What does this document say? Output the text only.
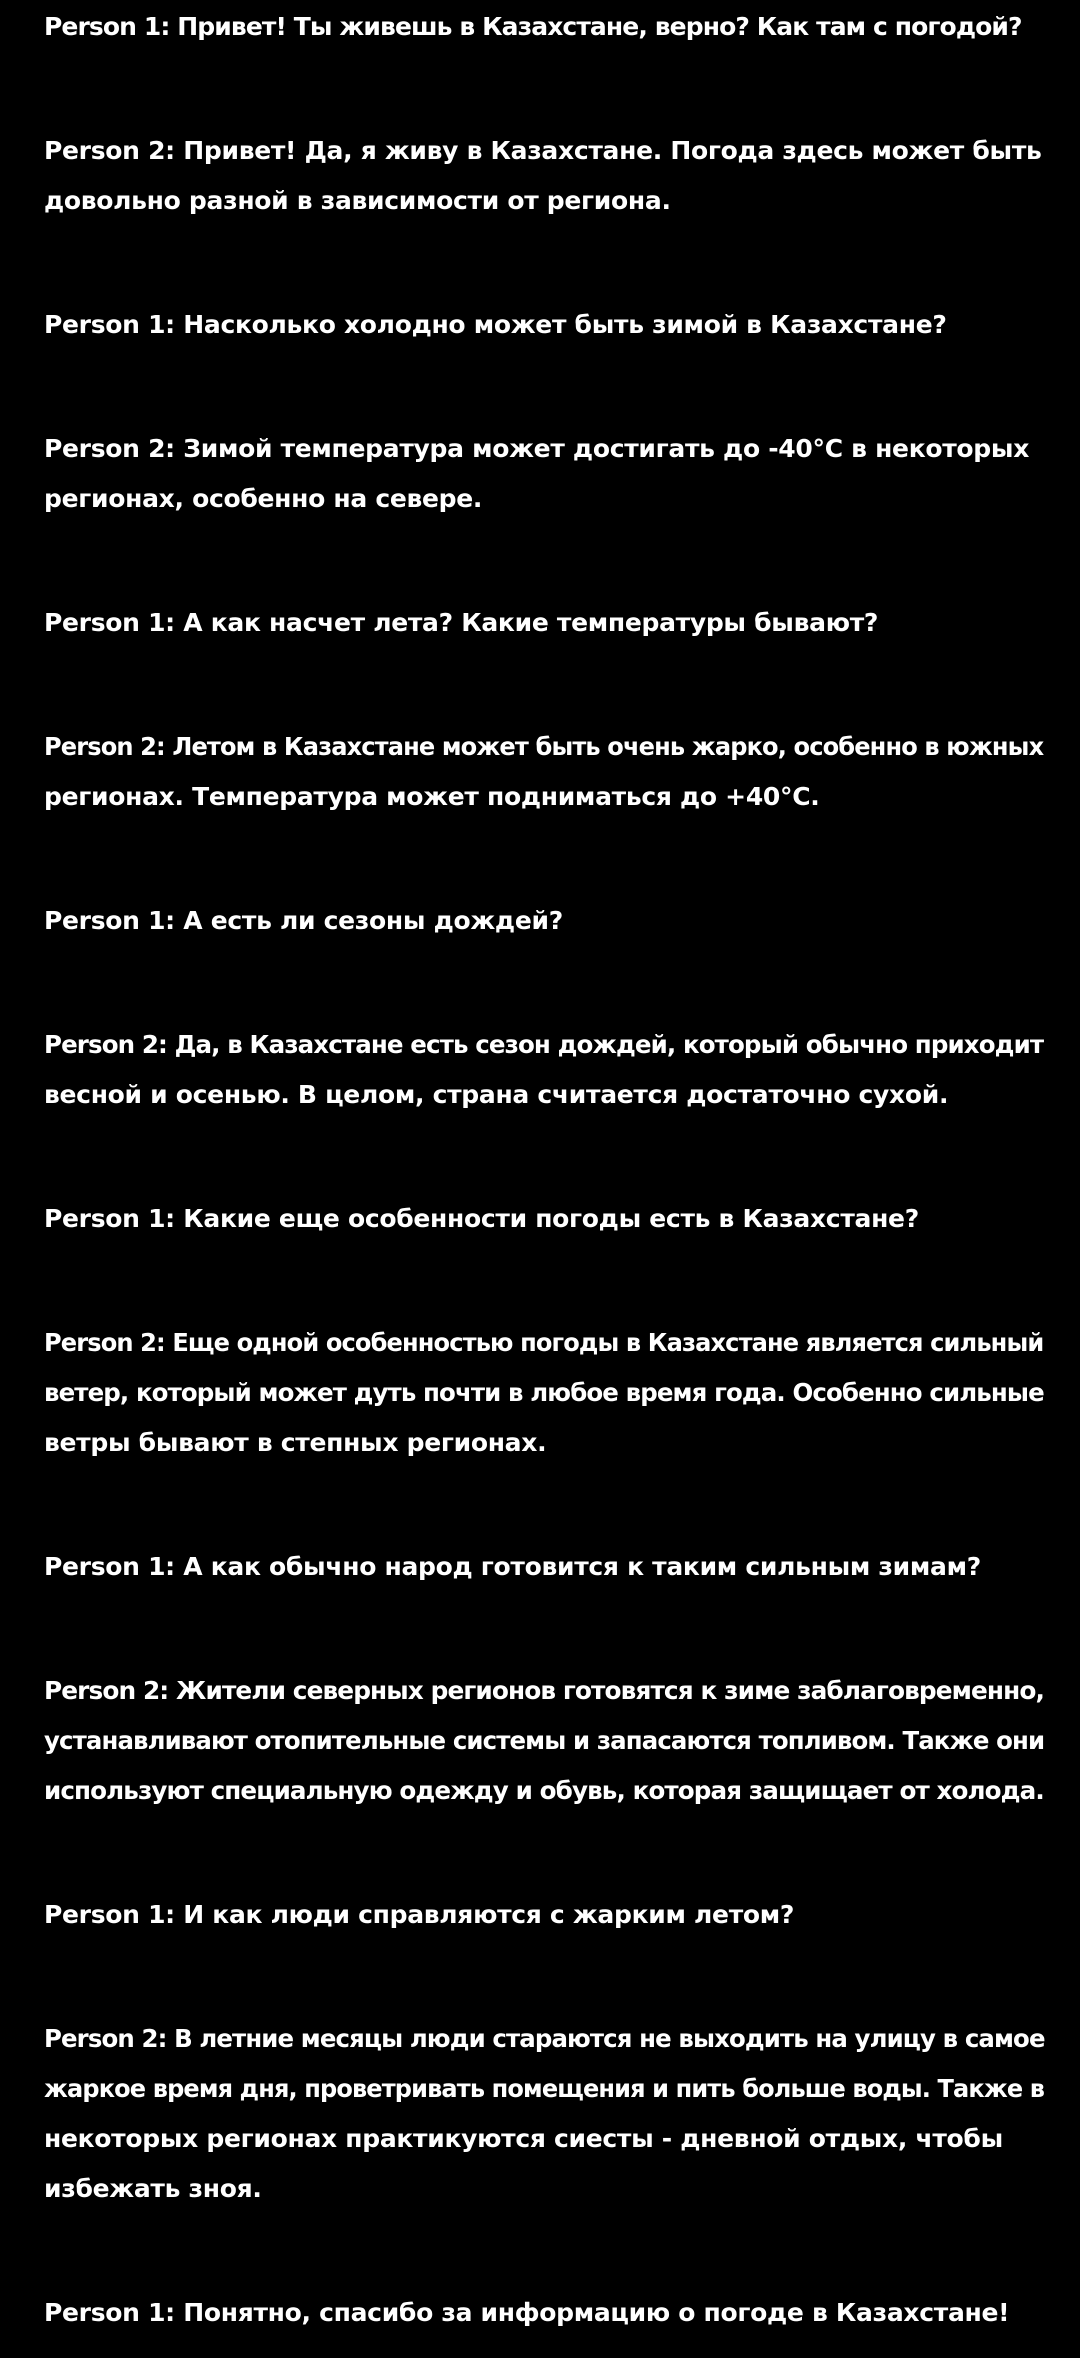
Person 1: Привет! Ты живешь в Казахстане, верно? Как там с погодой?

Person 2: Привет! Да, я живу в Казахстане. Погода здесь может быть

довольно разной в зависимости от региона.

Person 1: Насколько холодно может быть зимой в Казахстане?

Person 2: Зимой температура может достигать до -40°C в некоторых

регионах, особенно на севере.

Person 1: А как насчет лета? Какие температуры бывают?

Person 2: Летом в Казахстане может быть очень жарко, особенно в южных

регионах. Температура может подниматься до +40°C.

Person 1: А есть ли сезоны дождей?

Person 2: Да, в Казахстане есть сезон дождей, который обычно приходит

весной и осенью. В целом, страна считается достаточно сухой.

Person 1: Какие еще особенности погоды есть в Казахстане?

Person 2: Еще одной особенностью погоды в Казахстане является сильный

ветер, который может дуть почти в любое время года. Особенно сильные

ветры бывают в степных регионах.

Person 1: А как обычно народ готовится к таким сильным зимам?

Person 2: Жители северных регионов готовятся к зиме заблаговременно,

устанавливают отопительные системы и запасаются топливом. Также они

используют специальную одежду и обувь, которая защищает от холода.

Person 1: И как люди справляются с жарким летом?

Person 2: В летние месяцы люди стараются не выходить на улицу в самое

жаркое время дня, проветривать помещения и пить больше воды. Также в

некоторых регионах практикуются сиесты - дневной отдых, чтобы

избежать зноя.

Person 1: Понятно, спасибо за информацию о погоде в Казахстане!
